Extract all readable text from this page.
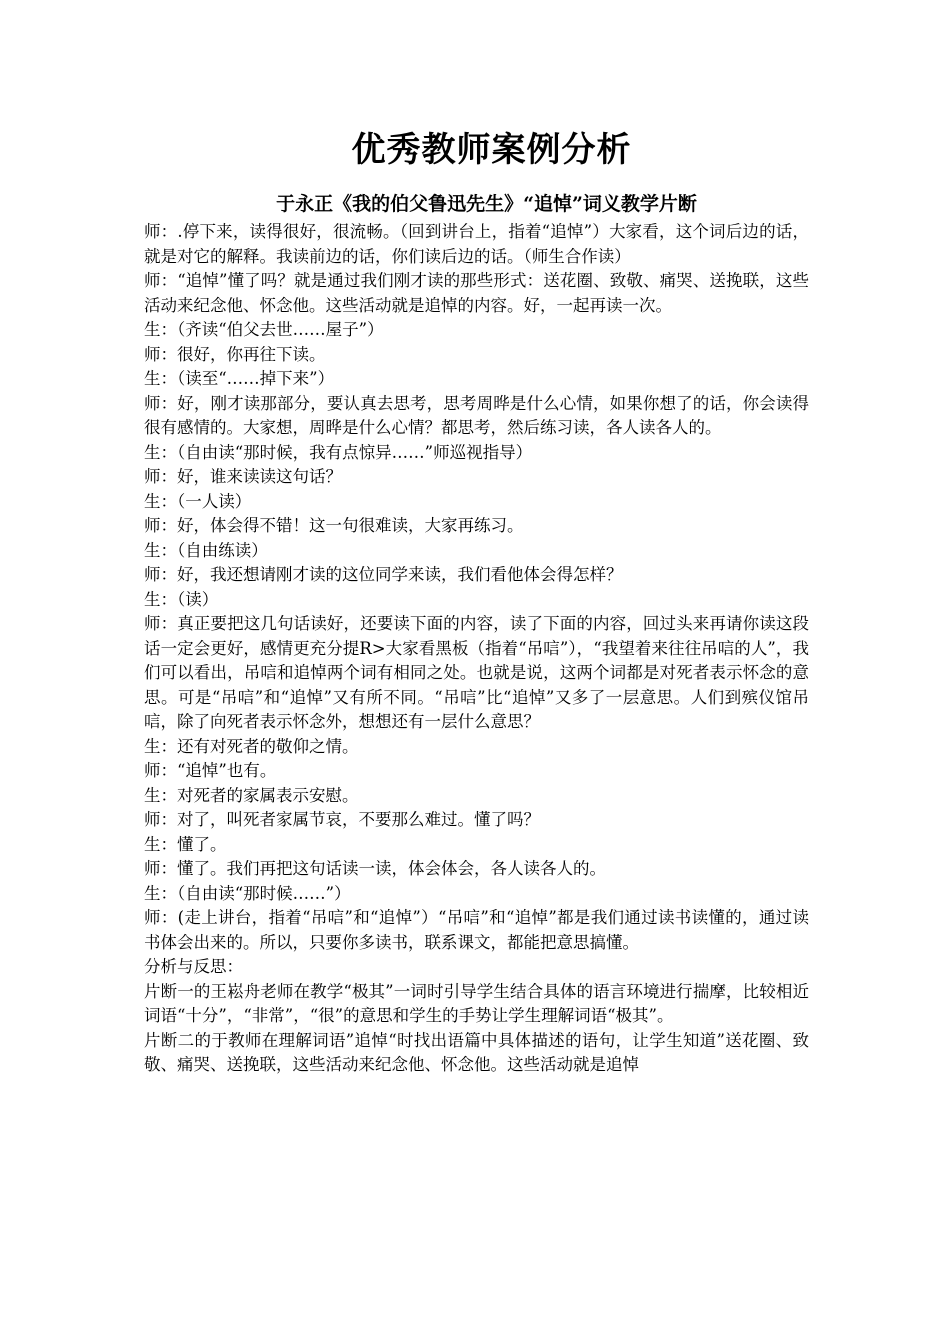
优秀教师案例分析
于永正《我的伯父鲁迅先生》“追悼”词义教学片断

师：.停下来，读得很好，很流畅。（回到讲台上，指着“追悼”）大家看，这个词后边的话，就是对它的解释。我读前边的话，你们读后边的话。（师生合作读）

师：“追悼”懂了吗？就是通过我们刚才读的那些形式：送花圈、致敬、痛哭、送挽联，这些活动来纪念他、怀念他。这些活动就是追悼的内容。好，一起再读一次。

生：（齐读“伯父去世……屋子”）

师：很好，你再往下读。

生：（读至“……掉下来”）

师：好，刚才读那部分，要认真去思考，思考周晔是什么心情，如果你想了的话，你会读得很有感情的。大家想，周晔是什么心情？都思考，然后练习读，各人读各人的。

生：（自由读“那时候，我有点惊异……”师巡视指导）

师：好，谁来读读这句话？

生：（一人读）

师：好，体会得不错！这一句很难读，大家再练习。

生：（自由练读）

师：好，我还想请刚才读的这位同学来读，我们看他体会得怎样？

生：（读）

师：真正要把这几句话读好，还要读下面的内容，读了下面的内容，回过头来再请你读这段话一定会更好，感情更充分提R>大家看黑板（指着“吊唁”），“我望着来往往吊唁的人”，我们可以看出，吊唁和追悼两个词有相同之处。也就是说，这两个词都是对死者表示怀念的意思。可是“吊唁”和“追悼”又有所不同。“吊唁”比“追悼”又多了一层意思。人们到殡仪馆吊唁，除了向死者表示怀念外，想想还有一层什么意思？

生：还有对死者的敬仰之情。

师：“追悼”也有。

生：对死者的家属表示安慰。

师：对了，叫死者家属节哀，不要那么难过。懂了吗？

生：懂了。

师：懂了。我们再把这句话读一读，体会体会，各人读各人的。

生：（自由读“那时候……”）

师：(走上讲台，指着“吊唁”和“追悼”）“吊唁”和“追悼”都是我们通过读书读懂的，通过读书体会出来的。所以，只要你多读书，联系课文，都能把意思搞懂。

分析与反思：

片断一的王崧舟老师在教学“极其”一词时引导学生结合具体的语言环境进行揣摩，比较相近词语“十分”，“非常”，“很”的意思和学生的手势让学生理解词语“极其”。

片断二的于教师在理解词语”追悼“时找出语篇中具体描述的语句，让学生知道”送花圈、致敬、痛哭、送挽联，这些活动来纪念他、怀念他。这些活动就是追悼
